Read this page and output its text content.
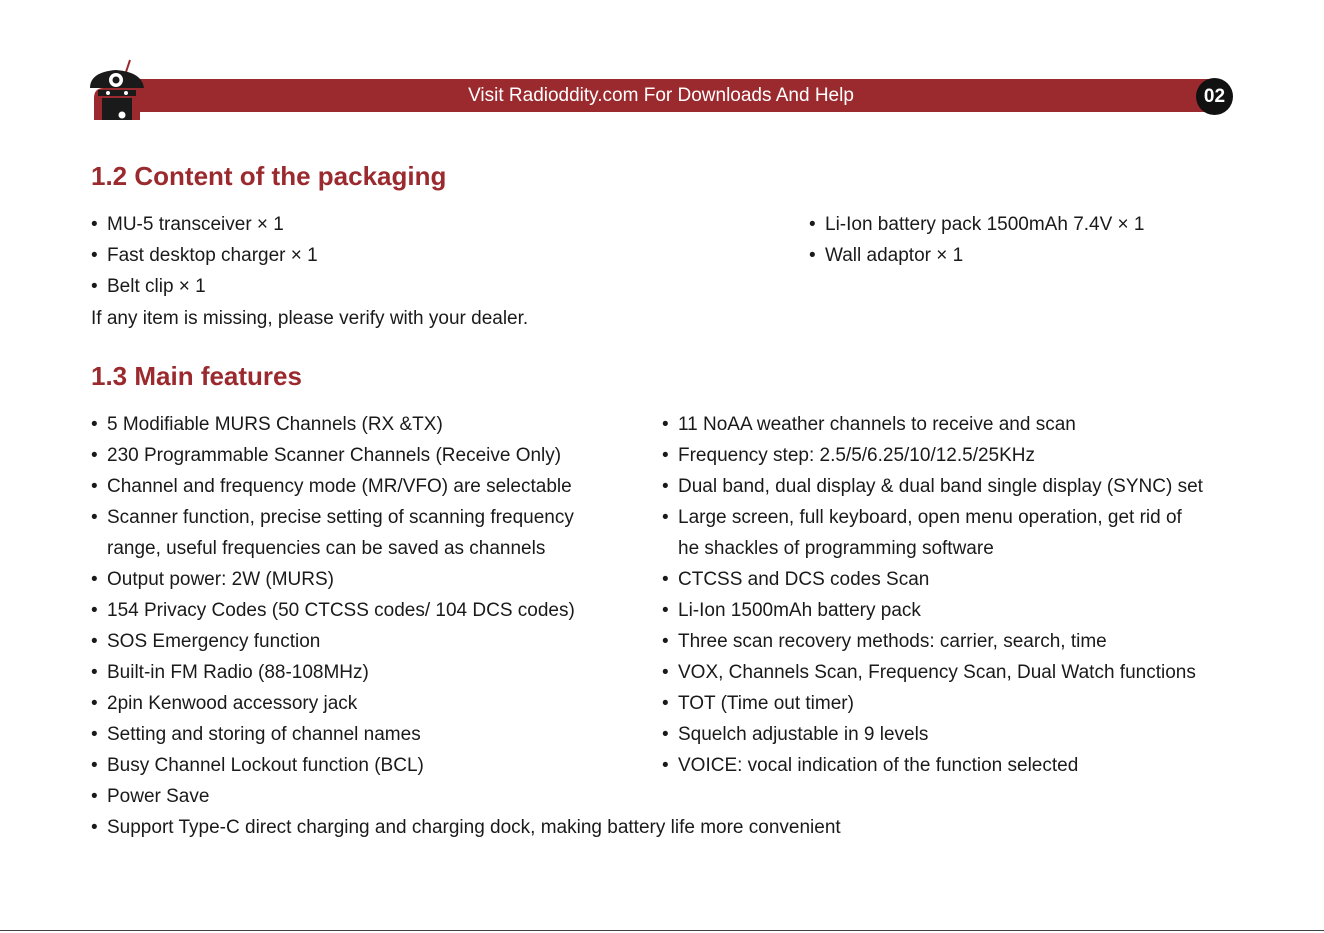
Visit Radioddity.com For Downloads And Help	02
1.2 Content of the packaging
• MU-5 transceiver × 1
• Fast desktop charger × 1
• Belt clip × 1
• Li-Ion battery pack 1500mAh 7.4V × 1
• Wall adaptor × 1

If any item is missing, please verify with your dealer.

1.3 Main features
• 5 Modifiable MURS Channels (RX &TX)
• 230 Programmable Scanner Channels (Receive Only)
• Channel and frequency mode (MR/VFO) are selectable
• Scanner function, precise setting of scanning frequency
range, useful frequencies can be saved as channels
• Output power: 2W (MURS)
• 154 Privacy Codes (50 CTCSS codes/ 104 DCS codes)
• SOS Emergency function
• Built-in FM Radio (88-108MHz)
• 2pin Kenwood accessory jack
• Setting and storing of channel names
• Busy Channel Lockout function (BCL)
• Power Save
• Support Type-C direct charging and charging dock, making battery life more convenient
• 11 NoAA weather channels to receive and scan
• Frequency step: 2.5/5/6.25/10/12.5/25KHz
• Dual band, dual display & dual band single display (SYNC) set
• Large screen, full keyboard, open menu operation, get rid of
he shackles of programming software
• CTCSS and DCS codes Scan
• Li-Ion 1500mAh battery pack
• Three scan recovery methods: carrier, search, time
• VOX, Channels Scan, Frequency Scan, Dual Watch functions
• TOT (Time out timer)
• Squelch adjustable in 9 levels
• VOICE: vocal indication of the function selected
